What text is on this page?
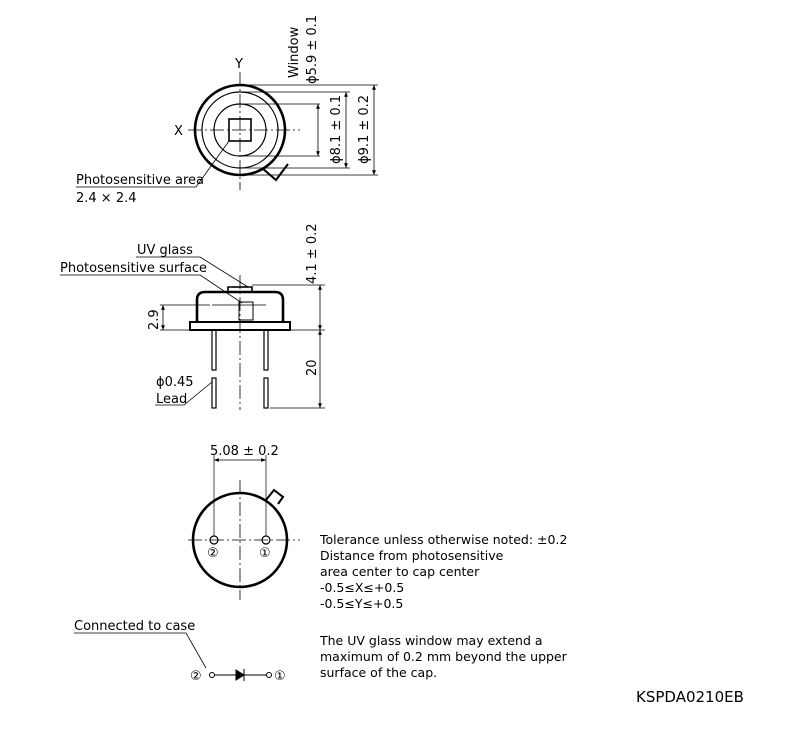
Y
X
Window ϕ5.9 ± 0.1
ϕ8.1 ± 0.1 ϕ9.1 ± 0.2
Photosensitive area
2.4 × 2.4
UV glass
Photosensitive surface	4.1 ± 0.2
2.9
20
ϕ0.45
Lead
5.08 ± 0.2
②	①
Connected to case
②	①
Tolerance unless otherwise noted: ±0.2
Distance from photosensitive
area center to cap center
-0.5≤X≤+0.5
-0.5≤Y≤+0.5
The UV glass window may extend a
maximum of 0.2 mm beyond the upper
surface of the cap.
KSPDA0210EB
